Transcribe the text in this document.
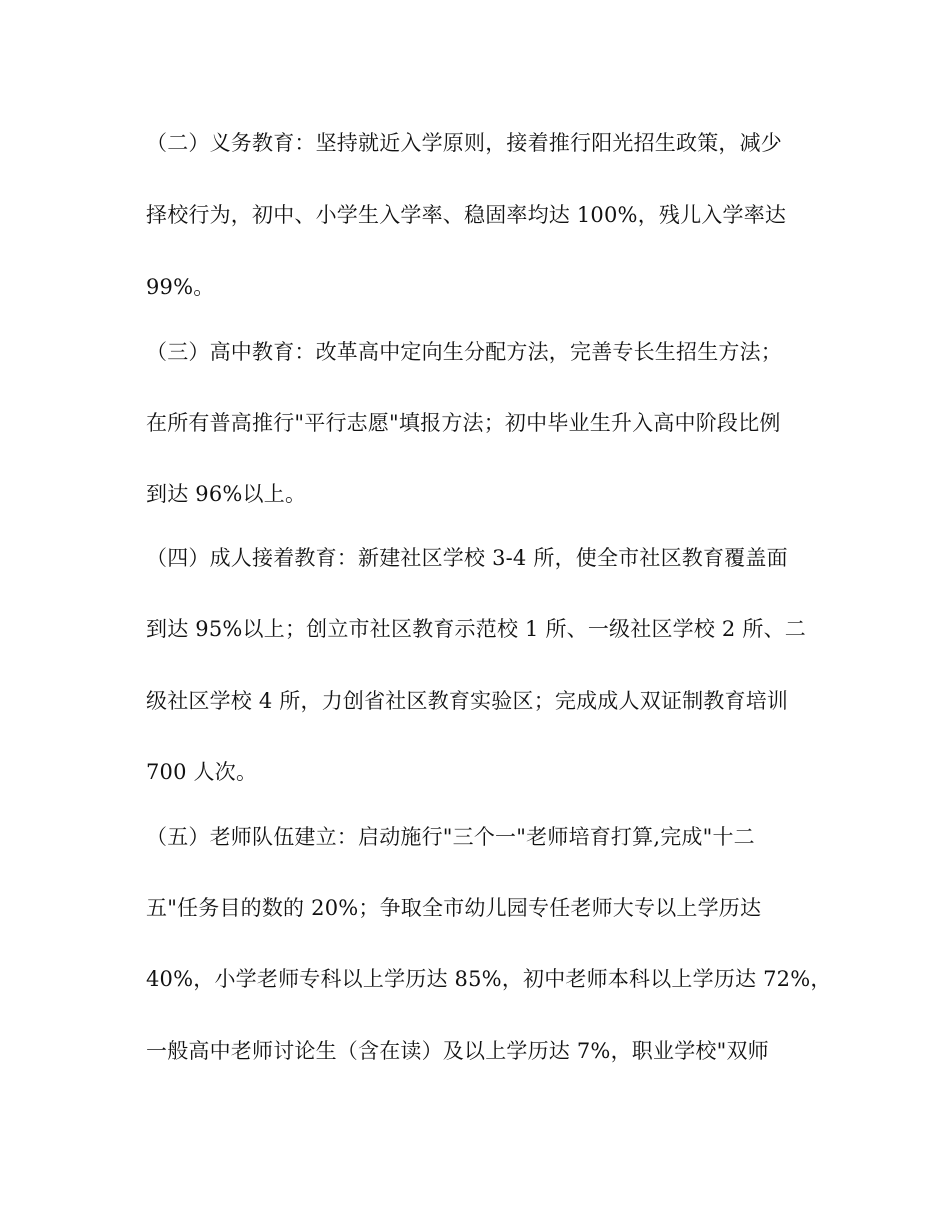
（二）义务教育：坚持就近入学原则，接着推行阳光招生政策，减少
择校行为，初中、小学生入学率、稳固率均达 100%，残儿入学率达
99%。
（三）高中教育：改革高中定向生分配方法，完善专长生招生方法；
在所有普高推行"平行志愿"填报方法；初中毕业生升入高中阶段比例
到达 96%以上。
（四）成人接着教育：新建社区学校 3-4 所，使全市社区教育覆盖面
到达 95%以上；创立市社区教育示范校 1 所、一级社区学校 2 所、二
级社区学校 4 所，力创省社区教育实验区；完成成人双证制教育培训
700 人次。
（五）老师队伍建立：启动施行"三个一"老师培育打算,完成"十二
五"任务目的数的 20%；争取全市幼儿园专任老师大专以上学历达
40%，小学老师专科以上学历达 85%，初中老师本科以上学历达 72%，
一般高中老师讨论生（含在读）及以上学历达 7%，职业学校"双师
